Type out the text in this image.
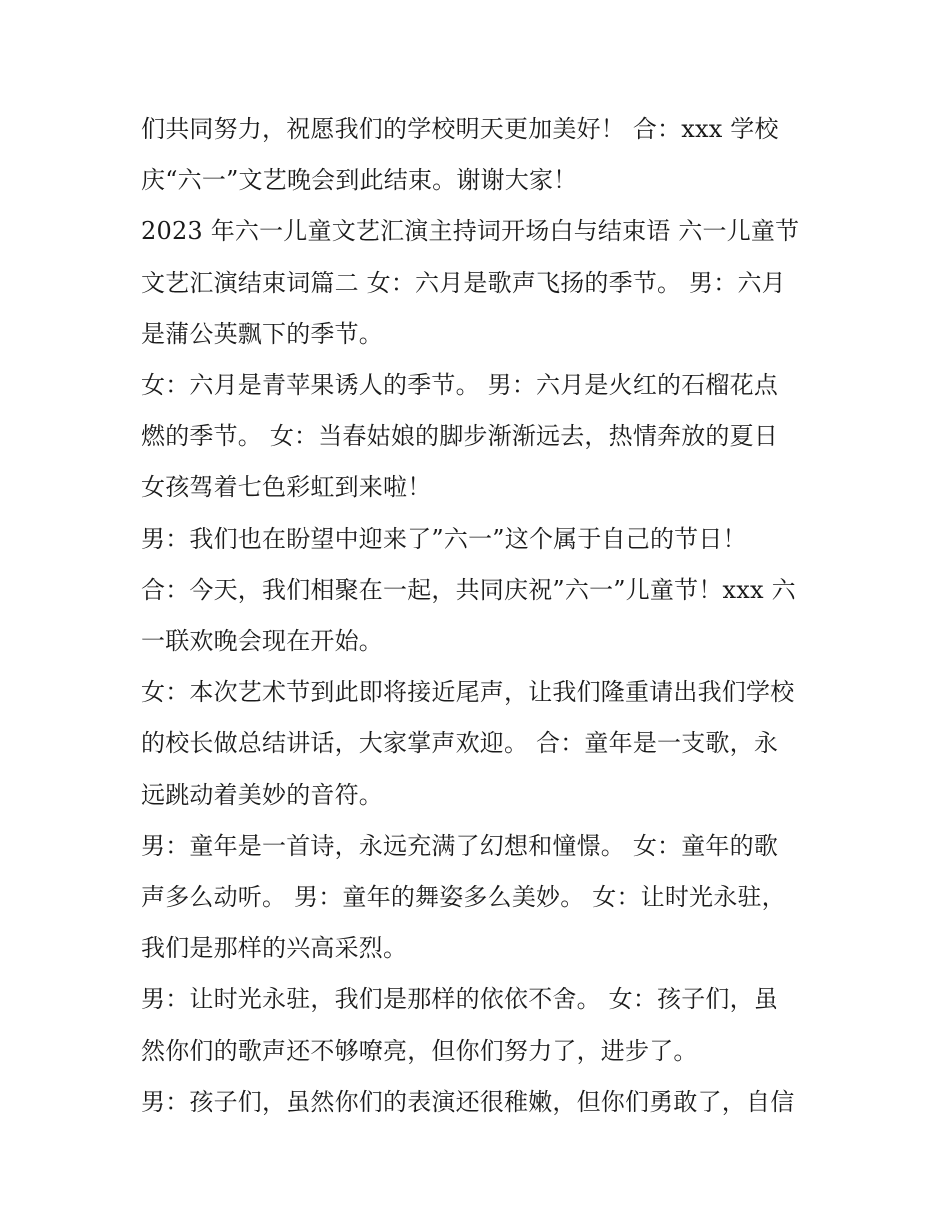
们共同努力，祝愿我们的学校明天更加美好！ 合：xxx 学校
庆“六一”文艺晚会到此结束。谢谢大家！
2023 年六一儿童文艺汇演主持词开场白与结束语 六一儿童节
文艺汇演结束词篇二 女：六月是歌声飞扬的季节。 男：六月
是蒲公英飘下的季节。
女：六月是青苹果诱人的季节。 男：六月是火红的石榴花点
燃的季节。 女：当春姑娘的脚步渐渐远去，热情奔放的夏日
女孩驾着七色彩虹到来啦！
男：我们也在盼望中迎来了”六一”这个属于自己的节日！
合：今天，我们相聚在一起，共同庆祝”六一”儿童节！xxx 六
一联欢晚会现在开始。
女：本次艺术节到此即将接近尾声，让我们隆重请出我们学校
的校长做总结讲话，大家掌声欢迎。 合：童年是一支歌，永
远跳动着美妙的音符。
男：童年是一首诗，永远充满了幻想和憧憬。 女：童年的歌
声多么动听。 男：童年的舞姿多么美妙。 女：让时光永驻，
我们是那样的兴高采烈。
男：让时光永驻，我们是那样的依依不舍。 女：孩子们，虽
然你们的歌声还不够嘹亮，但你们努力了，进步了。
男：孩子们，虽然你们的表演还很稚嫩，但你们勇敢了，自信
